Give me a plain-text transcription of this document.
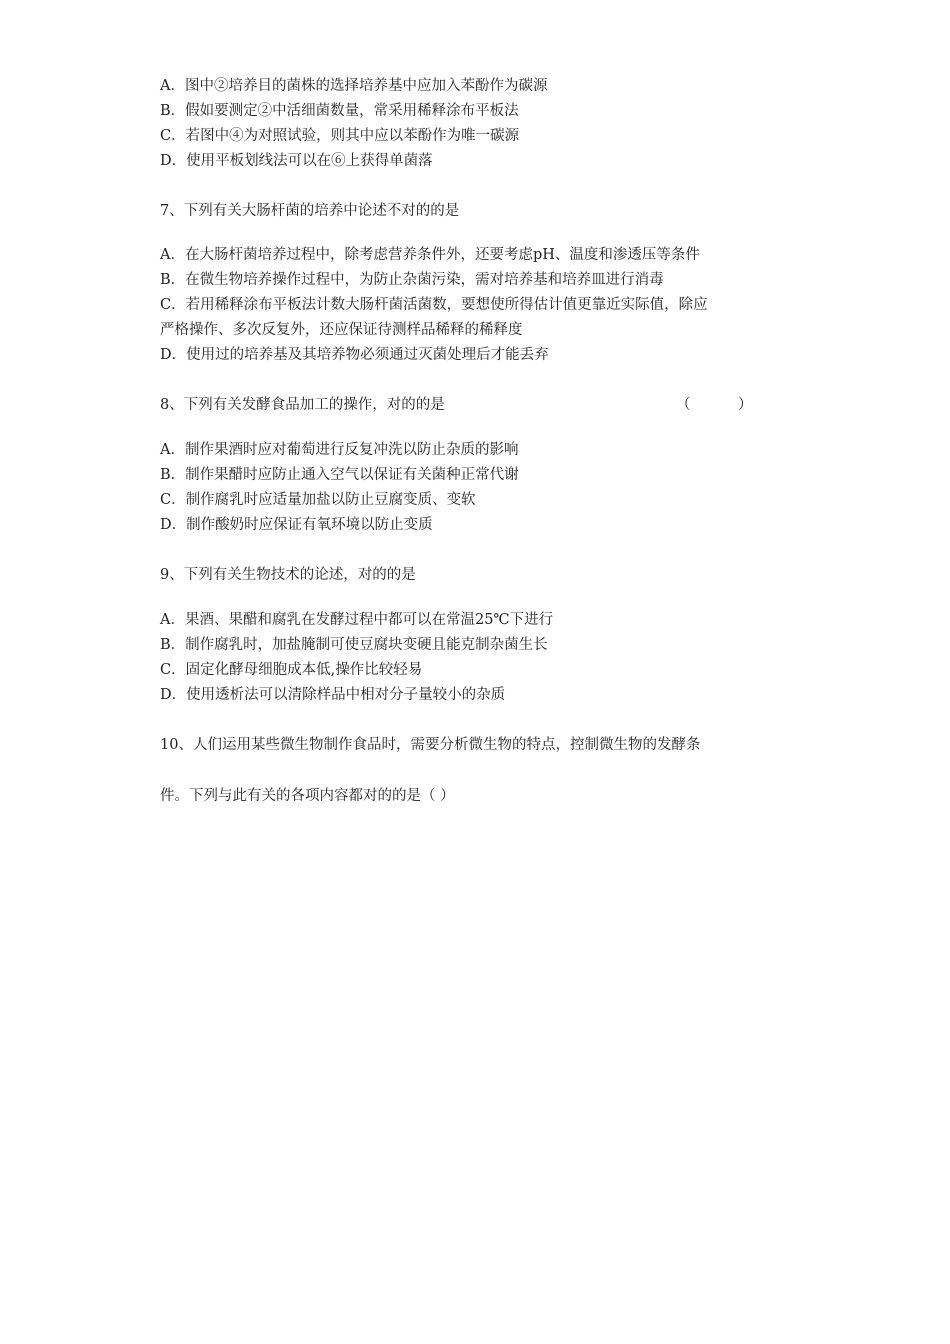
A．图中②培养目的菌株的选择培养基中应加入苯酚作为碳源
B．假如要测定②中活细菌数量，常采用稀释涂布平板法
C．若图中④为对照试验，则其中应以苯酚作为唯一碳源
D．使用平板划线法可以在⑥上获得单菌落
7、下列有关大肠杆菌的培养中论述不对的的是
A．在大肠杆菌培养过程中，除考虑营养条件外，还要考虑pH、温度和渗透压等条件
B．在微生物培养操作过程中，为防止杂菌污染，需对培养基和培养皿进行消毒
C．若用稀释涂布平板法计数大肠杆菌活菌数，要想使所得估计值更靠近实际值，除应
严格操作、多次反复外，还应保证待测样品稀释的稀释度
D．使用过的培养基及其培养物必须通过灭菌处理后才能丢弃
8、下列有关发酵食品加工的操作，对的的是	（	）
A．制作果酒时应对葡萄进行反复冲洗以防止杂质的影响
B．制作果醋时应防止通入空气以保证有关菌种正常代谢
C．制作腐乳时应适量加盐以防止豆腐变质、变软
D．制作酸奶时应保证有氧环境以防止变质
9、下列有关生物技术的论述，对的的是
A．果酒、果醋和腐乳在发酵过程中都可以在常温25℃下进行
B．制作腐乳时，加盐腌制可使豆腐块变硬且能克制杂菌生长
C．固定化酵母细胞成本低,操作比较轻易
D．使用透析法可以清除样品中相对分子量较小的杂质
10、人们运用某些微生物制作食品时，需要分析微生物的特点，控制微生物的发酵条
件。下列与此有关的各项内容都对的的是（ ）
